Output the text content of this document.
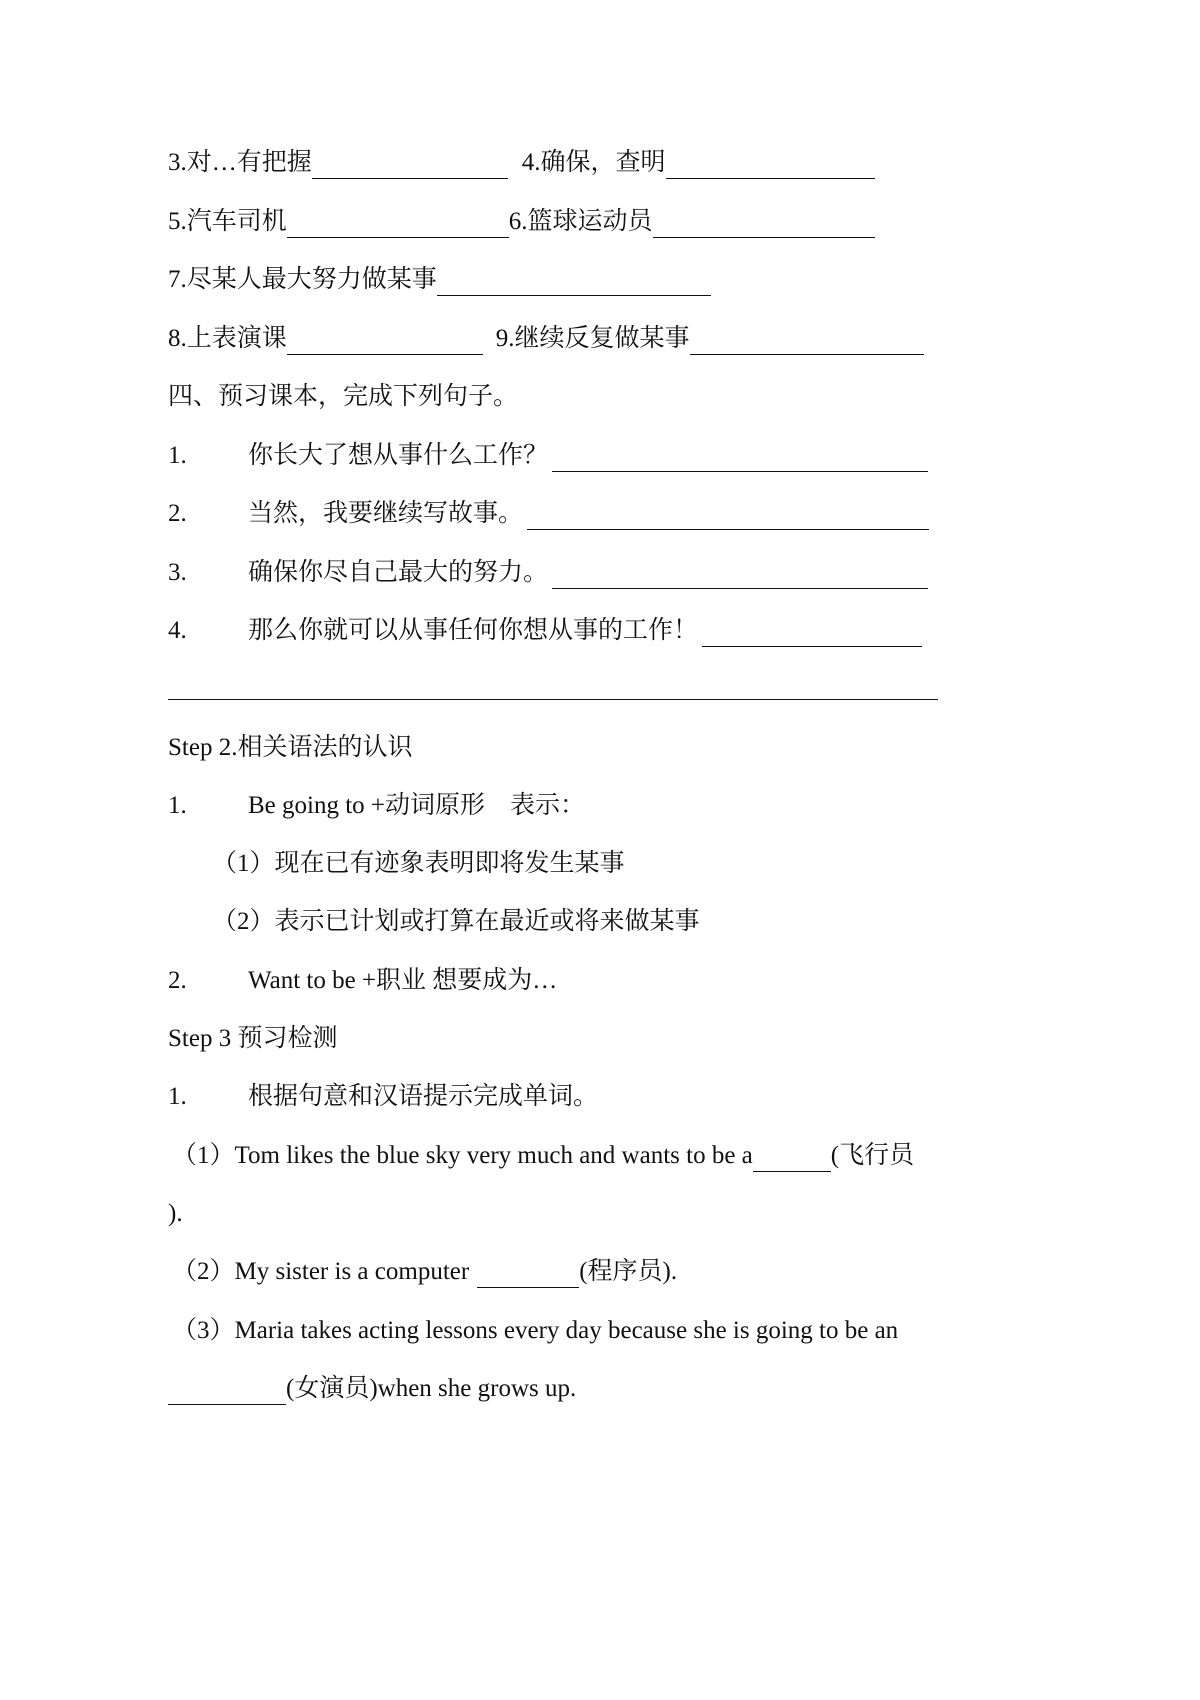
3.对…有把握	4.确保，查明
5.汽车司机	6.篮球运动员
7.尽某人最大努力做某事
8.上表演课	9.继续反复做某事
四、预习课本，完成下列句子。
1.	你长大了想从事什么工作？
2.	当然，我要继续写故事。
3.	确保你尽自己最大的努力。
4.	那么你就可以从事任何你想从事的工作！
Step 2.相关语法的认识
1.	Be going to +动词原形　表示：
（1）现在已有迹象表明即将发生某事
（2）表示已计划或打算在最近或将来做某事
2.	Want to be +职业 想要成为…
Step 3 预习检测
1.	根据句意和汉语提示完成单词。
（1）Tom likes the blue sky very much and wants to be a	(飞行员
).
（2）My sister is a computer	(程序员).
（3）Maria takes acting lessons every day because she is going to be an
(女演员)when she grows up.
